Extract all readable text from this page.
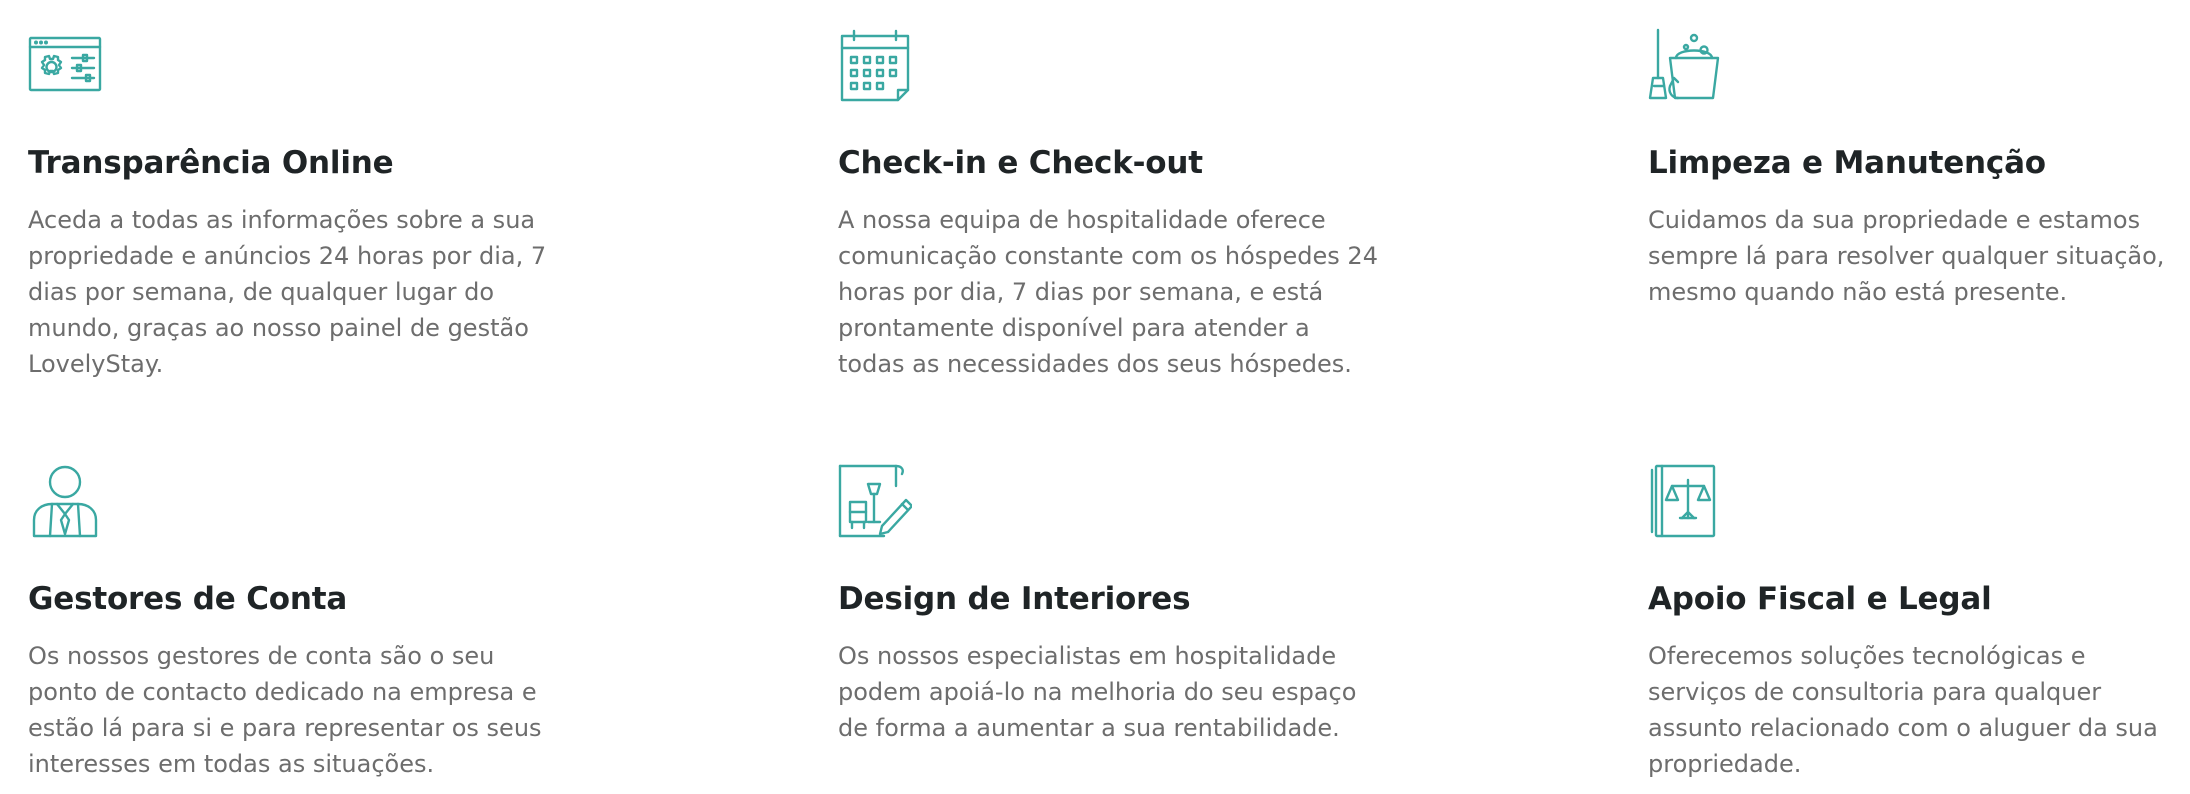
Transparência Online

Aceda a todas as informações sobre a sua propriedade e anúncios 24 horas por dia, 7 dias por semana, de qualquer lugar do mundo, graças ao nosso painel de gestão LovelyStay.

Check-in e Check-out

A nossa equipa de hospitalidade oferece comunicação constante com os hóspedes 24 horas por dia, 7 dias por semana, e está prontamente disponível para atender a todas as necessidades dos seus hóspedes.

Limpeza e Manutenção

Cuidamos da sua propriedade e estamos sempre lá para resolver qualquer situação, mesmo quando não está presente.

Gestores de Conta

Os nossos gestores de conta são o seu ponto de contacto dedicado na empresa e estão lá para si e para representar os seus interesses em todas as situações.

Design de Interiores

Os nossos especialistas em hospitalidade podem apoiá-lo na melhoria do seu espaço de forma a aumentar a sua rentabilidade.

Apoio Fiscal e Legal

Oferecemos soluções tecnológicas e serviços de consultoria para qualquer assunto relacionado com o aluguer da sua propriedade.
